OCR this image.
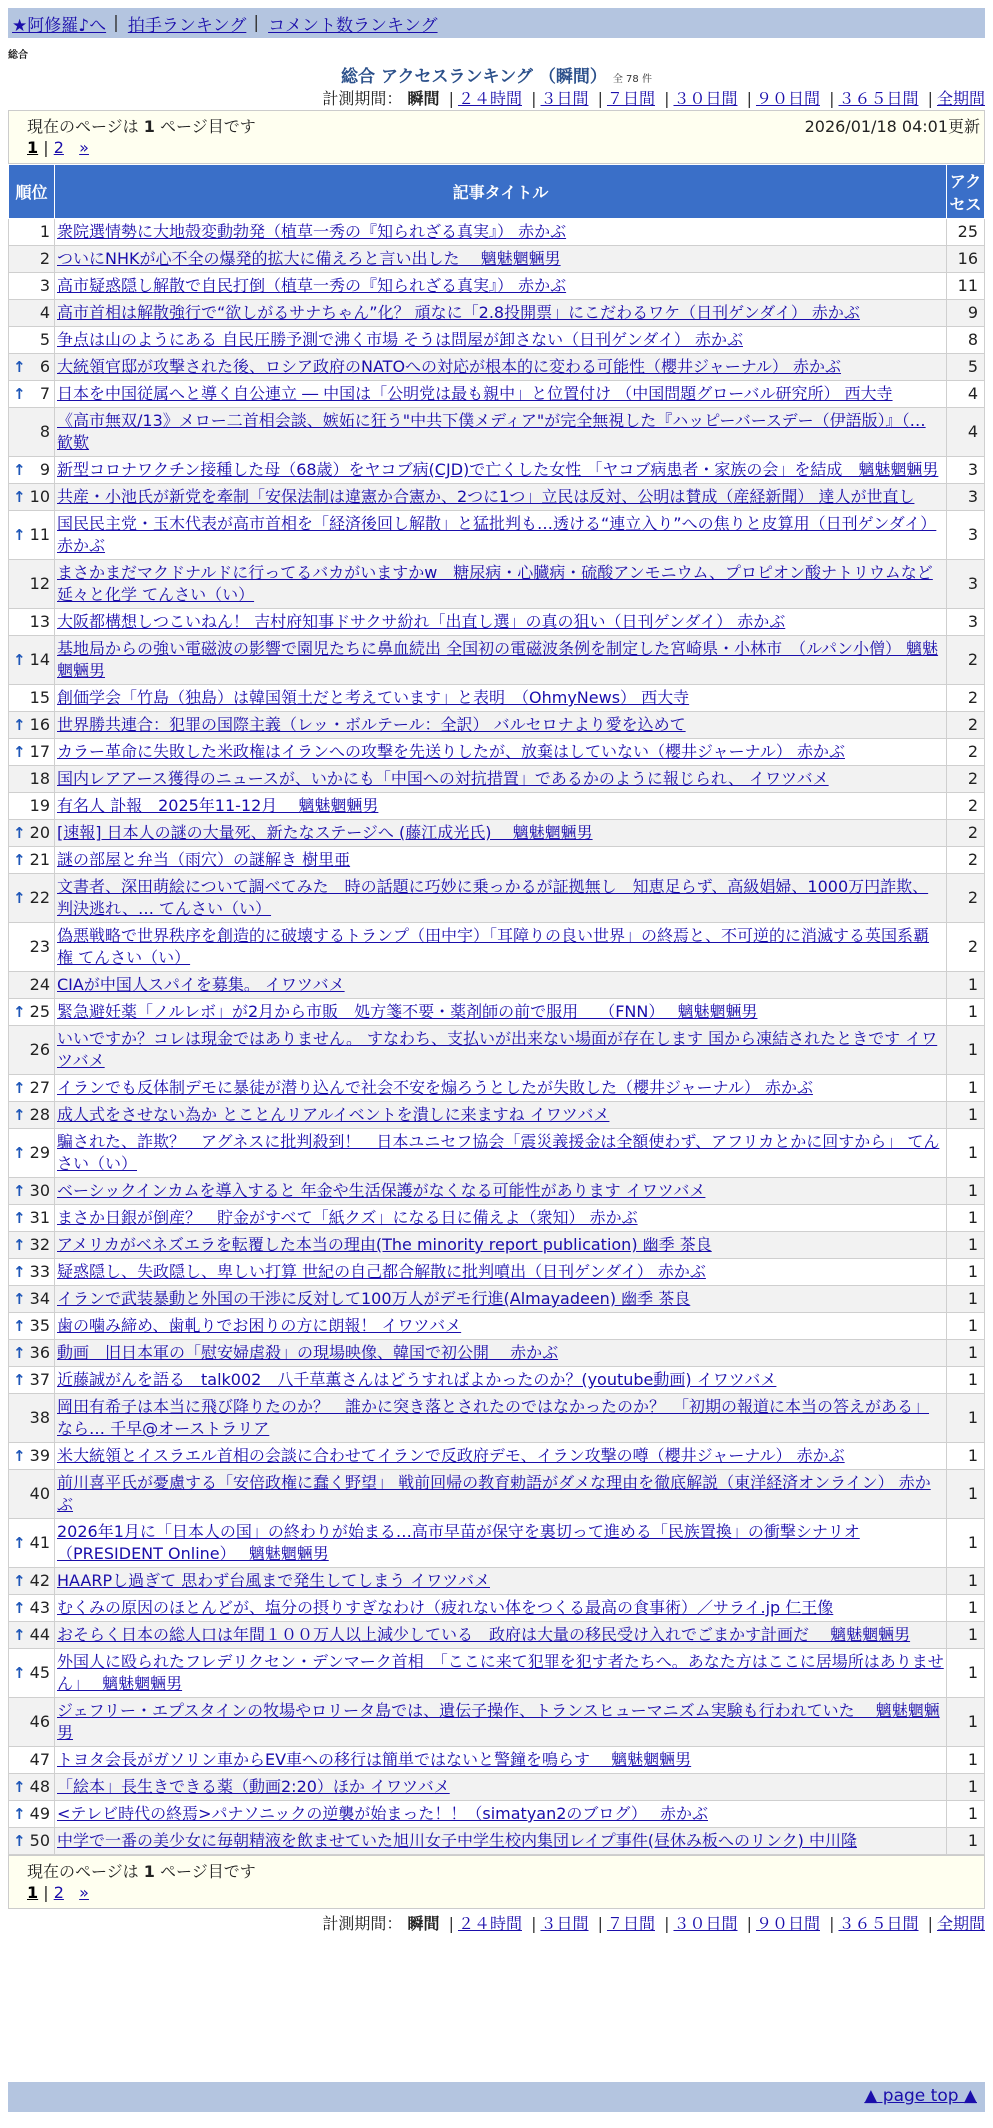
★阿修羅♪へ | 拍手ランキング | コメント数ランキング
総合
総合 アクセスランキング （瞬間） 全 78 件
計測期間： 瞬間 | ２４時間 | ３日間 | ７日間 | ３０日間 | ９０日間 | ３６５日間 | 全期間
現在のページは 1 ページ目です	2026/01/18 04:01更新
1 | 2 »
順位	記事タイトル	アクセス
1	衆院選情勢に大地殻変動勃発（植草一秀の『知られざる真実』） 赤かぶ	25
2	ついにNHKが心不全の爆発的拡大に備えろと言い出した　 魑魅魍魎男	16
3	高市疑惑隠し解散で自民打倒（植草一秀の『知られざる真実』） 赤かぶ	11
4	高市首相は解散強行で“欲しがるサナちゃん”化？ 頑なに「2.8投開票」にこだわるワケ（日刊ゲンダイ） 赤かぶ	9
5	争点は山のようにある 自民圧勝予測で沸く市場 そうは問屋が卸さない（日刊ゲンダイ） 赤かぶ	8

↑ 6	大統領官邸が攻撃された後、ロシア政府のNATOへの対応が根本的に変わる可能性（櫻井ジャーナル） 赤かぶ	5

↑ 7	日本を中国従属へと導く自公連立 ― 中国は「公明党は最も親中」と位置付け （中国問題グローバル研究所） 西大寺	4
8	《高市無双/13》メロー二首相会談、嫉妬に狂う"中共下僕メディア"が完全無視した『ハッピーバースデー（伊語版）』（… 歓歎	4

↑ 9	新型コロナワクチン接種した母（68歳）をヤコブ病(CJD)で亡くした女性 「ヤコブ病患者・家族の会」を結成　魑魅魍魎男	3

↑ 10	共産・小池氏が新党を牽制「安保法制は違憲か合憲か、2つに1つ」立民は反対、公明は賛成（産経新聞） 達人が世直し	3

↑ 11	国民民主党・玉木代表が高市首相を「経済後回し解散」と猛批判も…透ける“連立入り”への焦りと皮算用（日刊ゲンダイ） 赤かぶ	3
12	まさかまだマクドナルドに行ってるバカがいますかw　糖尿病・心臓病・硫酸アンモニウム、プロピオン酸ナトリウムなど延々と化学 てんさい（い）	3
13	大阪都構想しつこいねん！ 吉村府知事ドサクサ紛れ「出直し選」の真の狙い（日刊ゲンダイ） 赤かぶ	3

↑ 14	基地局からの強い電磁波の影響で園児たちに鼻血続出 全国初の電磁波条例を制定した宮崎県・小林市　（ルパン小僧） 魑魅魍魎男	2
15	創価学会「竹島（独島）は韓国領土だと考えています」と表明　（OhmyNews） 西大寺	2

↑ 16	世界勝共連合：犯罪の国際主義（レッ・ボルテール：全訳） バルセロナより愛を込めて	2

↑ 17	カラー革命に失敗した米政権はイランへの攻撃を先送りしたが、放棄はしていない（櫻井ジャーナル） 赤かぶ	2
18	国内レアアース獲得のニュースが、いかにも「中国への対抗措置」であるかのように報じられ、 イワツバメ	2
19	有名人 訃報　2025年11-12月　 魑魅魍魎男	2

↑ 20	[速報] 日本人の謎の大量死、新たなステージへ (藤江成光氏)　 魑魅魍魎男	2

↑ 21	謎の部屋と弁当（雨穴）の謎解き 樹里亜	2

↑ 22	文書者、深田萌絵について調べてみた　時の話題に巧妙に乗っかるが証拠無し　知恵足らず、高級娼婦、1000万円詐欺、判決逃れ、… てんさい（い）	2
23	偽悪戦略で世界秩序を創造的に破壊するトランプ（田中宇）「耳障りの良い世界」の終焉と、不可逆的に消滅する英国系覇権 てんさい（い）	2
24	CIAが中国人スパイを募集。 イワツバメ	1

↑ 25	緊急避妊薬「ノルレボ」が2月から市販　処方箋不要・薬剤師の前で服用　 （FNN）　 魑魅魍魎男	1
26	いいですか？コレは現金ではありません。 すなわち、支払いが出来ない場面が存在します 国から凍結されたときです イワツバメ	1

↑ 27	イランでも反体制デモに暴徒が潜り込んで社会不安を煽ろうとしたが失敗した（櫻井ジャーナル） 赤かぶ	1

↑ 28	成人式をさせない為か とことんリアルイベントを潰しに来ますね イワツバメ	1

↑ 29	騙された、詐欺？　アグネスに批判殺到！　日本ユニセフ協会「震災義援金は全額使わず、アフリカとかに回すから」 てんさい（い）	1

↑ 30	ベーシックインカムを導入すると 年金や生活保護がなくなる可能性があります イワツバメ	1

↑ 31	まさか日銀が倒産？　貯金がすべて「紙クズ」になる日に備えよ（衆知） 赤かぶ	1

↑ 32	アメリカがベネズエラを転覆した本当の理由(The minority report publication) 幽季 茶良	1

↑ 33	疑惑隠し、失政隠し、卑しい打算 世紀の自己都合解散に批判噴出（日刊ゲンダイ） 赤かぶ	1

↑ 34	イランで武装暴動と外国の干渉に反対して100万人がデモ行進(Almayadeen) 幽季 茶良	1

↑ 35	歯の噛み締め、歯軋りでお困りの方に朗報！ イワツバメ	1

↑ 36	動画　旧日本軍の「慰安婦虐殺」の現場映像、韓国で初公開　 赤かぶ	1

↑ 37	近藤誠がんを語る　talk002　八千草薫さんはどうすればよかったのか？(youtube動画) イワツバメ	1
38	岡田有希子は本当に飛び降りたのか？　誰かに突き落とされたのではなかったのか？　「初期の報道に本当の答えがある」なら… 千早@オーストラリア	1

↑ 39	米大統領とイスラエル首相の会談に合わせてイランで反政府デモ、イラン攻撃の噂（櫻井ジャーナル） 赤かぶ	1
40	前川喜平氏が憂慮する「安倍政権に蠢く野望」 戦前回帰の教育勅語がダメな理由を徹底解説（東洋経済オンライン） 赤かぶ	1

↑ 41	2026年1月に「日本人の国」の終わりが始まる…高市早苗が保守を裏切って進める「民族置換」の衝撃シナリオ （PRESIDENT Online）　 魑魅魍魎男	1

↑ 42	HAARPし過ぎて 思わず台風まで発生してしまう イワツバメ	1

↑ 43	むくみの原因のほとんどが、塩分の摂りすぎなわけ（疲れない体をつくる最高の食事術）／サライ.jp 仁王像	1

↑ 44	おそらく日本の総人口は年間１００万人以上減少している　政府は大量の移民受け入れでごまかす計画だ　 魑魅魍魎男	1

↑ 45	外国人に殴られたフレデリクセン・デンマーク首相　「ここに来て犯罪を犯す者たちへ。あなた方はここに居場所はありません」　 魑魅魍魎男	1
46	ジェフリー・エプスタインの牧場やロリータ島では、遺伝子操作、トランスヒューマニズム実験も行われていた　 魑魅魍魎男	1
47	トヨタ会長がガソリン車からEV車への移行は簡単ではないと警鐘を鳴らす　 魑魅魍魎男	1

↑ 48	「絵本」長生きできる薬（動画2:20）ほか イワツバメ	1

↑ 49	<テレビ時代の終焉>パナソニックの逆襲が始まった！！（simatyan2のブログ）　 赤かぶ	1

↑ 50	中学で一番の美少女に毎朝精液を飲ませていた旭川女子中学生校内集団レイプ事件(昼休み板へのリンク) 中川隆	1
現在のページは 1 ページ目です
1 | 2 »
計測期間： 瞬間 | ２４時間 | ３日間 | ７日間 | ３０日間 | ９０日間 | ３６５日間 | 全期間
▲ page top ▲
